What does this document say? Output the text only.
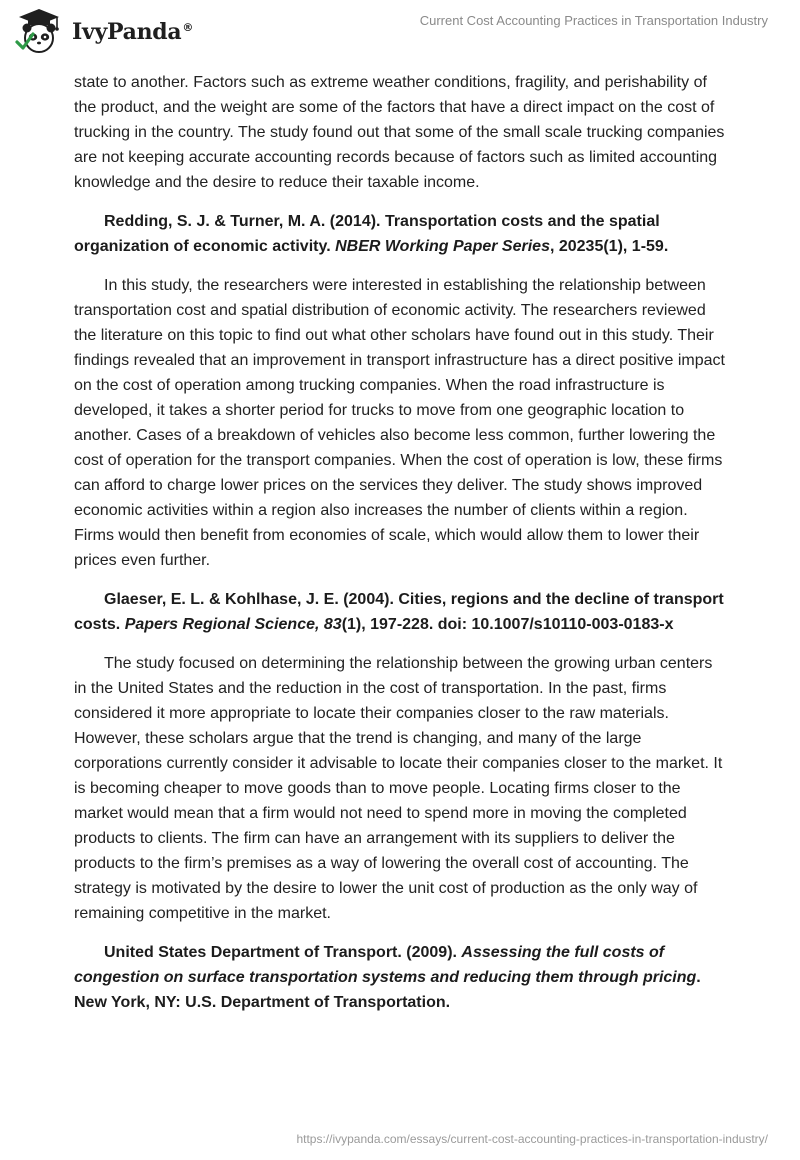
IvyPanda®	Current Cost Accounting Practices in Transportation Industry

state to another. Factors such as extreme weather conditions, fragility, and perishability of the product, and the weight are some of the factors that have a direct impact on the cost of trucking in the country. The study found out that some of the small scale trucking companies are not keeping accurate accounting records because of factors such as limited accounting knowledge and the desire to reduce their taxable income.

Redding, S. J. & Turner, M. A. (2014). Transportation costs and the spatial organization of economic activity. NBER Working Paper Series, 20235(1), 1-59.

In this study, the researchers were interested in establishing the relationship between transportation cost and spatial distribution of economic activity. The researchers reviewed the literature on this topic to find out what other scholars have found out in this study. Their findings revealed that an improvement in transport infrastructure has a direct positive impact on the cost of operation among trucking companies. When the road infrastructure is developed, it takes a shorter period for trucks to move from one geographic location to another. Cases of a breakdown of vehicles also become less common, further lowering the cost of operation for the transport companies. When the cost of operation is low, these firms can afford to charge lower prices on the services they deliver. The study shows improved economic activities within a region also increases the number of clients within a region. Firms would then benefit from economies of scale, which would allow them to lower their prices even further.

Glaeser, E. L. & Kohlhase, J. E. (2004). Cities, regions and the decline of transport costs. Papers Regional Science, 83(1), 197-228. doi: 10.1007/s10110-003-0183-x

The study focused on determining the relationship between the growing urban centers in the United States and the reduction in the cost of transportation. In the past, firms considered it more appropriate to locate their companies closer to the raw materials. However, these scholars argue that the trend is changing, and many of the large corporations currently consider it advisable to locate their companies closer to the market. It is becoming cheaper to move goods than to move people. Locating firms closer to the market would mean that a firm would not need to spend more in moving the completed products to clients. The firm can have an arrangement with its suppliers to deliver the products to the firm’s premises as a way of lowering the overall cost of accounting. The strategy is motivated by the desire to lower the unit cost of production as the only way of remaining competitive in the market.

United States Department of Transport. (2009). Assessing the full costs of congestion on surface transportation systems and reducing them through pricing. New York, NY: U.S. Department of Transportation.

https://ivypanda.com/essays/current-cost-accounting-practices-in-transportation-industry/
